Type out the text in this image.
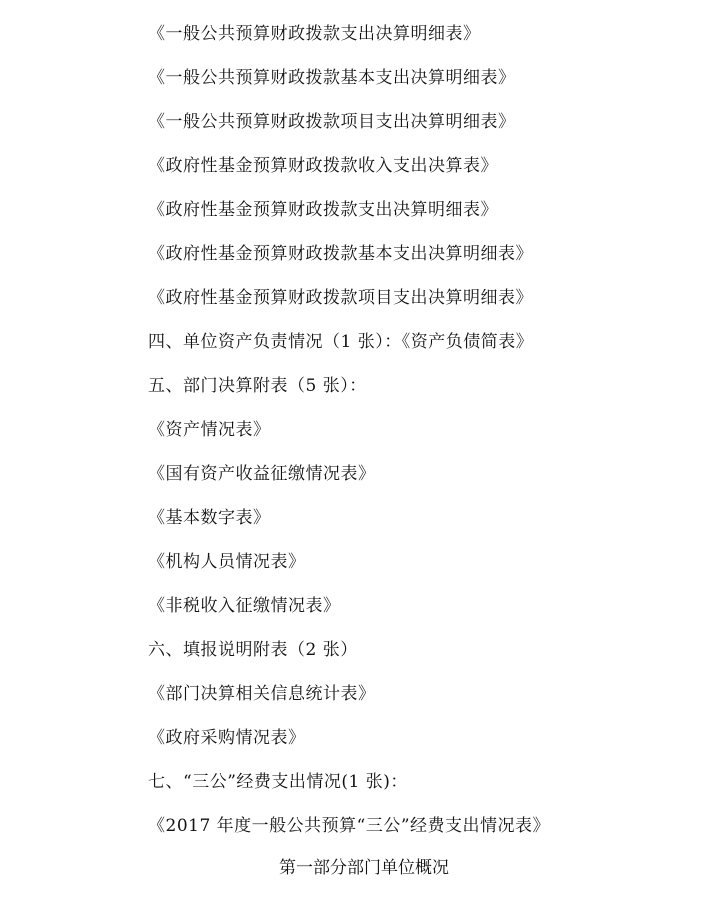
《一般公共预算财政拨款支出决算明细表》
《一般公共预算财政拨款基本支出决算明细表》
《一般公共预算财政拨款项目支出决算明细表》
《政府性基金预算财政拨款收入支出决算表》
《政府性基金预算财政拨款支出决算明细表》
《政府性基金预算财政拨款基本支出决算明细表》
《政府性基金预算财政拨款项目支出决算明细表》
四、单位资产负责情况（1 张）：《资产负债简表》
五、部门决算附表（5 张）：
《资产情况表》
《国有资产收益征缴情况表》
《基本数字表》
《机构人员情况表》
《非税收入征缴情况表》
六、填报说明附表（2 张）
《部门决算相关信息统计表》
《政府采购情况表》
七、“三公”经费支出情况(1 张)：
《2017 年度一般公共预算“三公”经费支出情况表》
第一部分部门单位概况
